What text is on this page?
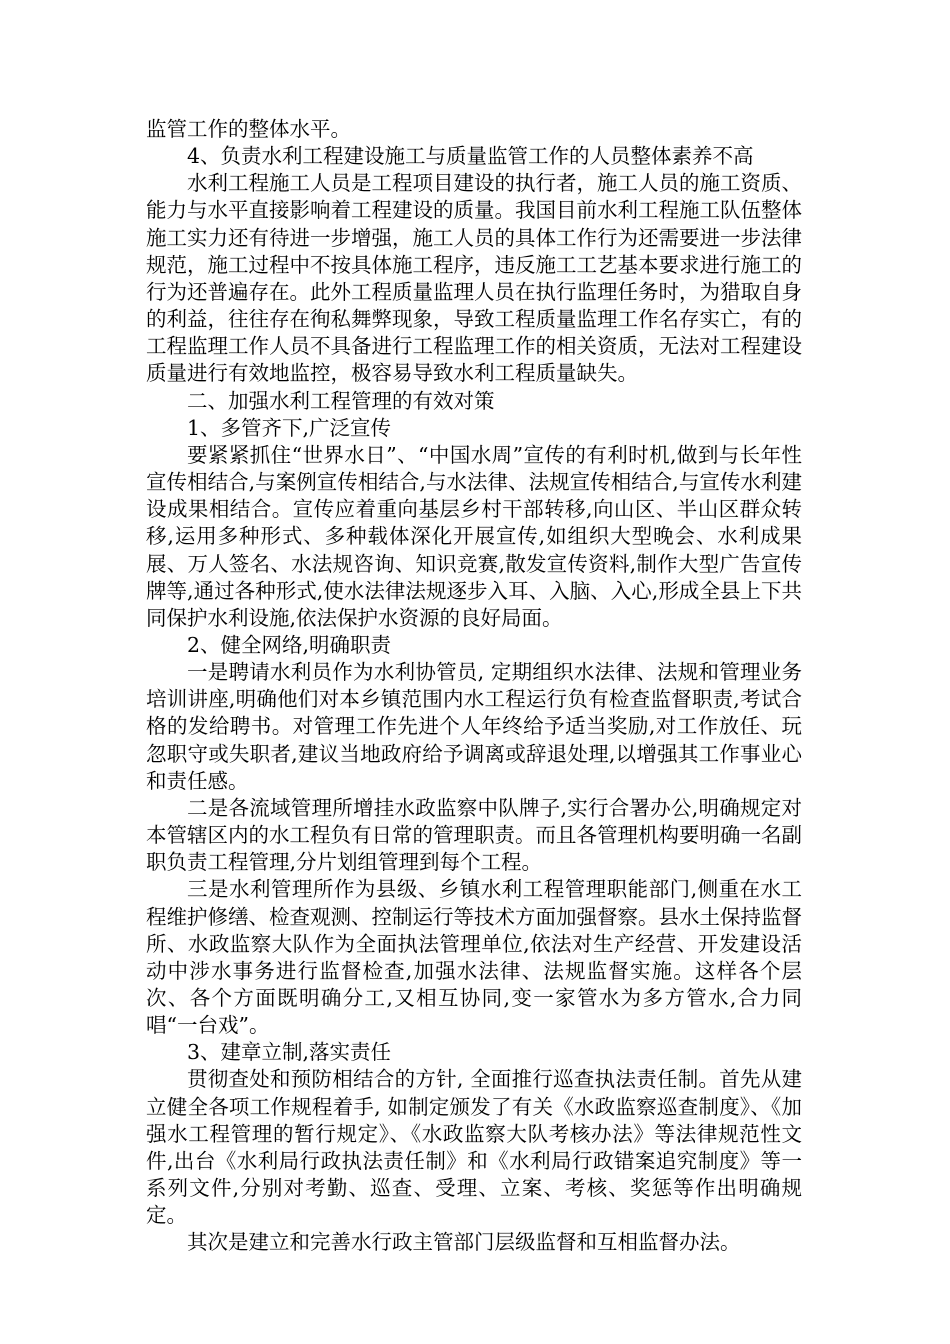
监管工作的整体水平。

4、负责水利工程建设施工与质量监管工作的人员整体素养不高

水利工程施工人员是工程项目建设的执行者，施工人员的施工资质、能力与水平直接影响着工程建设的质量。我国目前水利工程施工队伍整体施工实力还有待进一步增强，施工人员的具体工作行为还需要进一步法律规范，施工过程中不按具体施工程序，违反施工工艺基本要求进行施工的行为还普遍存在。此外工程质量监理人员在执行监理任务时，为猎取自身的利益，往往存在徇私舞弊现象，导致工程质量监理工作名存实亡，有的工程监理工作人员不具备进行工程监理工作的相关资质，无法对工程建设质量进行有效地监控，极容易导致水利工程质量缺失。

二、加强水利工程管理的有效对策

1、多管齐下,广泛宣传

要紧紧抓住“世界水日”、“中国水周”宣传的有利时机,做到与长年性宣传相结合,与案例宣传相结合,与水法律、法规宣传相结合,与宣传水利建设成果相结合。宣传应着重向基层乡村干部转移,向山区、半山区群众转移,运用多种形式、多种载体深化开展宣传,如组织大型晚会、水利成果展、万人签名、水法规咨询、知识竞赛,散发宣传资料,制作大型广告宣传牌等,通过各种形式,使水法律法规逐步入耳、入脑、入心,形成全县上下共同保护水利设施,依法保护水资源的良好局面。

2、健全网络,明确职责

一是聘请水利员作为水利协管员, 定期组织水法律、法规和管理业务培训讲座,明确他们对本乡镇范围内水工程运行负有检查监督职责,考试合格的发给聘书。对管理工作先进个人年终给予适当奖励,对工作放任、玩忽职守或失职者,建议当地政府给予调离或辞退处理,以增强其工作事业心和责任感。

二是各流域管理所增挂水政监察中队牌子,实行合署办公,明确规定对本管辖区内的水工程负有日常的管理职责。而且各管理机构要明确一名副职负责工程管理,分片划组管理到每个工程。

三是水利管理所作为县级、乡镇水利工程管理职能部门,侧重在水工程维护修缮、检查观测、控制运行等技术方面加强督察。县水土保持监督所、水政监察大队作为全面执法管理单位,依法对生产经营、开发建设活动中涉水事务进行监督检查,加强水法律、法规监督实施。这样各个层次、各个方面既明确分工,又相互协同,变一家管水为多方管水,合力同唱“一台戏”。

3、建章立制,落实责任

贯彻查处和预防相结合的方针, 全面推行巡查执法责任制。首先从建立健全各项工作规程着手, 如制定颁发了有关《水政监察巡查制度》、《加强水工程管理的暂行规定》、《水政监察大队考核办法》等法律规范性文件,出台《水利局行政执法责任制》和《水利局行政错案追究制度》等一系列文件,分别对考勤、巡查、受理、立案、考核、奖惩等作出明确规定。

其次是建立和完善水行政主管部门层级监督和互相监督办法。
